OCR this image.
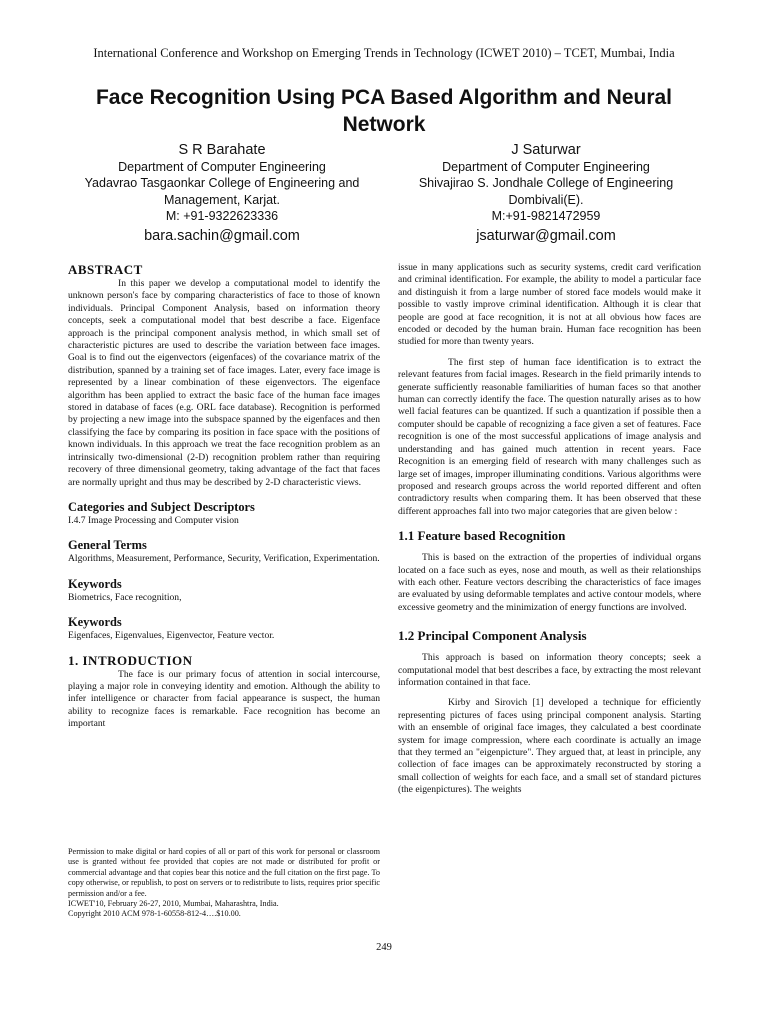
International Conference and Workshop on Emerging Trends in Technology (ICWET 2010) – TCET, Mumbai, India
Face Recognition Using PCA Based Algorithm and Neural
Network
S R Barahate
Department of Computer Engineering
Yadavrao Tasgaonkar College of Engineering and
Management, Karjat.
M: +91-9322623336
bara.sachin@gmail.com
J Saturwar
Department of Computer Engineering
Shivajirao S. Jondhale College of Engineering
Dombivali(E).
M:+91-9821472959
jsaturwar@gmail.com
ABSTRACT

In this paper we develop a computational model to identify the unknown person's face by comparing characteristics of face to those of known individuals. Principal Component Analysis, based on information theory concepts, seek a computational model that best describe a face. Eigenface approach is the principal component analysis method, in which small set of characteristic pictures are used to describe the variation between face images. Goal is to find out the eigenvectors (eigenfaces) of the covariance matrix of the distribution, spanned by a training set of face images. Later, every face image is represented by a linear combination of these eigenvectors. The eigenface algorithm has been applied to extract the basic face of the human face images stored in database of faces (e.g. ORL face database). Recognition is performed by projecting a new image into the subspace spanned by the eigenfaces and then classifying the face by comparing its position in face space with the positions of known individuals. In this approach we treat the face recognition problem as an intrinsically two-dimensional (2-D) recognition problem rather than requiring recovery of three dimensional geometry, taking advantage of the fact that faces are normally upright and thus may be described by 2-D characteristic views.

Categories and Subject Descriptors

I.4.7 Image Processing and Computer vision

General Terms

Algorithms, Measurement, Performance, Security, Verification, Experimentation.

Keywords

Biometrics, Face recognition,

Keywords

Eigenfaces, Eigenvalues, Eigenvector, Feature vector.

1. INTRODUCTION

The face is our primary focus of attention in social intercourse, playing a major role in conveying identity and emotion. Although the ability to infer intelligence or character from facial appearance is suspect, the human ability to recognize faces is remarkable. Face recognition has become an important

Permission to make digital or hard copies of all or part of this work for personal or classroom use is granted without fee provided that copies are not made or distributed for profit or commercial advantage and that copies bear this notice and the full citation on the first page. To copy otherwise, or republish, to post on servers or to redistribute to lists, requires prior specific permission and/or a fee.

ICWET'10, February 26-27, 2010, Mumbai, Maharashtra, India.

Copyright 2010 ACM 978-1-60558-812-4….$10.00.

issue in many applications such as security systems, credit card verification and criminal identification. For example, the ability to model a particular face and distinguish it from a large number of stored face models would make it possible to vastly improve criminal identification. Although it is clear that people are good at face recognition, it is not at all obvious how faces are encoded or decoded by the human brain. Human face recognition has been studied for more than twenty years.

The first step of human face identification is to extract the relevant features from facial images. Research in the field primarily intends to generate sufficiently reasonable familiarities of human faces so that another human can correctly identify the face. The question naturally arises as to how well facial features can be quantized. If such a quantization if possible then a computer should be capable of recognizing a face given a set of features. Face recognition is one of the most successful applications of image analysis and understanding and has gained much attention in recent years. Face Recognition is an emerging field of research with many challenges such as large set of images, improper illuminating conditions. Various algorithms were proposed and research groups across the world reported different and often contradictory results when comparing them. It has been observed that these different approaches fall into two major categories that are given below :

1.1 Feature based Recognition

This is based on the extraction of the properties of individual organs located on a face such as eyes, nose and mouth, as well as their relationships with each other. Feature vectors describing the characteristics of face images are evaluated by using deformable templates and active contour models, where excessive geometry and the minimization of energy functions are involved.

1.2 Principal Component Analysis

This approach is based on information theory concepts; seek a computational model that best describes a face, by extracting the most relevant information contained in that face.

Kirby and Sirovich [1] developed a technique for efficiently representing pictures of faces using principal component analysis. Starting with an ensemble of original face images, they calculated a best coordinate system for image compression, where each coordinate is actually an image that they termed an "eigenpicture". They argued that, at least in principle, any collection of face images can be approximately reconstructed by storing a small collection of weights for each face, and a small set of standard pictures (the eigenpictures). The weights

249
